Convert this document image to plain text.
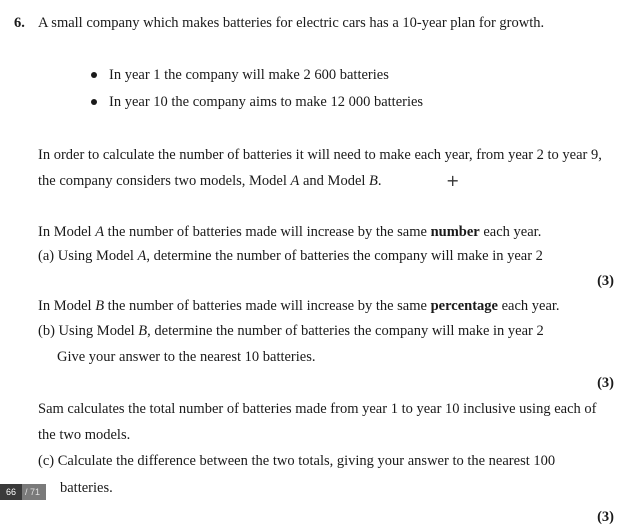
6. A small company which makes batteries for electric cars has a 10-year plan for growth.
In year 1 the company will make 2 600 batteries
In year 10 the company aims to make 12 000 batteries
In order to calculate the number of batteries it will need to make each year, from year 2 to year 9,
the company considers two models, Model A and Model B.	+
In Model A the number of batteries made will increase by the same number each year.
(a) Using Model A, determine the number of batteries the company will make in year 2
(3)
In Model B the number of batteries made will increase by the same percentage each year.
(b) Using Model B, determine the number of batteries the company will make in year 2
Give your answer to the nearest 10 batteries.
(3)
Sam calculates the total number of batteries made from year 1 to year 10 inclusive using each of
the two models.
(c) Calculate the difference between the two totals, giving your answer to the nearest 100
batteries.
(3)
66	/ 71
